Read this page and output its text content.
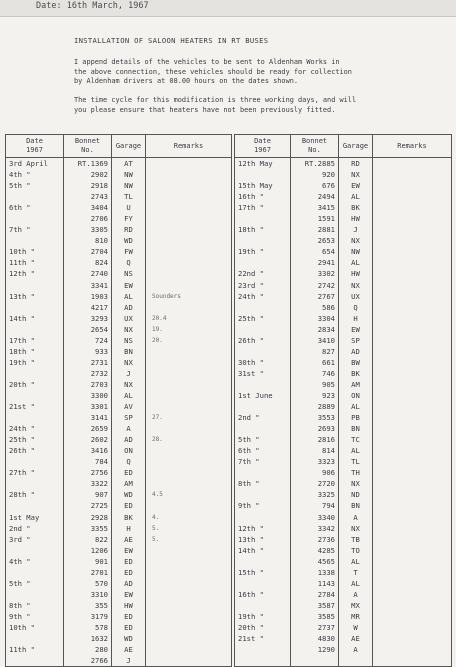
Date: 16th March, 1967
INSTALLATION OF SALOON HEATERS IN RT BUSES
I append details of the vehicles to be sent to Aldenham Works in
the above connection, these vehicles should be ready for collection
by Aldenham drivers at 08.00 hours on the dates shown.
The time cycle for this modification is three working days, and will
you please ensure that heaters have not been previously fitted.
Date
1967	Bonnet
No.	Garage	Remarks		Date
1967	Bonnet
No.	Garage	Remarks
3rd April	RT.1369	AT			12th May	RT.2885	RD	
4th "	2902	NW				920	NX	
5th "	2918	NW			15th May	676	EW	
	2743	TL			16th "	2494	AL	
6th "	3404	U			17th "	3415	BK	
	2706	FY				1591	HW	
7th "	3305	RD			18th "	2881	J	
	810	WD				2653	NX	
10th "	2704	FW			19th "	654	NW	
11th "	824	Q				2941	AL	
12th "	2740	NS			22nd "	3302	HW	
	3341	EW			23rd "	2742	NX	
13th "	1903	AL	Sounders		24th "	2767	UX	
	4217	AD				586	Q	
14th "	3293	UX	20.4		25th "	3304	H	
	2654	NX	19.			2834	EW	
17th "	724	NS	20.		26th "	3410	SP	
18th "	933	BN				827	AD	
19th "	2731	NX			30th "	661	BW	
	2732	J			31st "	746	BK	
20th "	2703	NX				905	AM	
	3300	AL			1st June	923	ON	
21st "	3301	AV				2889	AL	
	3141	SP	27.		2nd "	3553	PB	
24th "	2659	A				2693	BN	
25th "	2602	AD	28.		5th "	2816	TC	
26th "	3416	ON			6th "	814	AL	
	784	Q			7th "	3323	TL	
27th "	2756	ED				906	TH	
	3322	AM			8th "	2720	NX	
28th "	907	WD	4.5			3325	ND	
	2725	ED			9th "	794	BN	
1st May	2928	BK	4.			3340	A	
2nd "	3355	H	5.		12th "	3342	NX	
3rd "	822	AE	5.		13th "	2736	TB	
	1206	EW			14th "	4285	TO	
4th "	901	ED				4565	AL	
	2701	ED			15th "	1338	T	
5th "	570	AD				1143	AL	
	3310	EW			16th "	2784	A	
8th "	355	HW				3587	MX	
9th "	3179	ED			19th "	3585	MR	
10th "	578	ED			20th "	2737	W	
	1632	WD			21st "	4830	AE	
11th "	280	AE				1290	A	
	2766	J						
